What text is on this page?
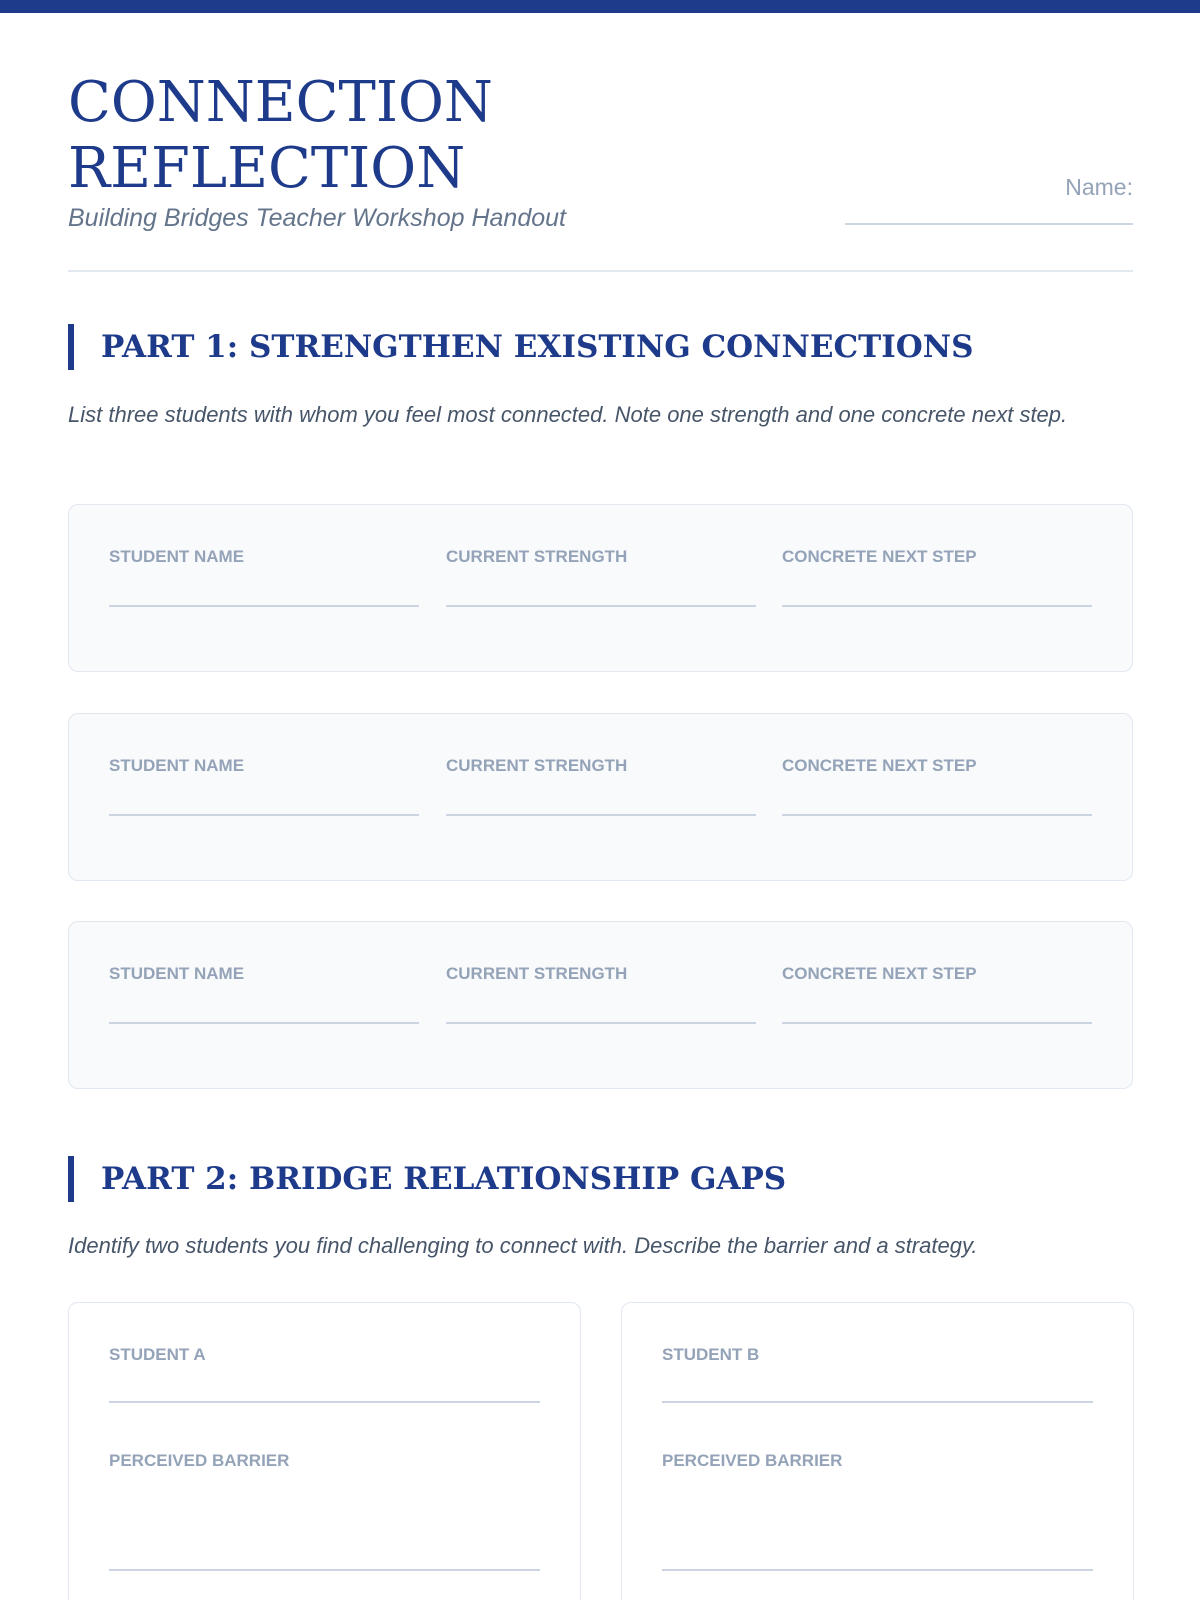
CONNECTION
REFLECTION
Building Bridges Teacher Workshop Handout
Name:
PART 1: STRENGTHEN EXISTING CONNECTIONS

List three students with whom you feel most connected. Note one strength and one concrete next step.

STUDENT NAME	CURRENT STRENGTH	CONCRETE NEXT STEP
STUDENT NAME	CURRENT STRENGTH	CONCRETE NEXT STEP
STUDENT NAME	CURRENT STRENGTH	CONCRETE NEXT STEP
PART 2: BRIDGE RELATIONSHIP GAPS

Identify two students you find challenging to connect with. Describe the barrier and a strategy.

STUDENT A
PERCEIVED BARRIER
STUDENT B
PERCEIVED BARRIER
